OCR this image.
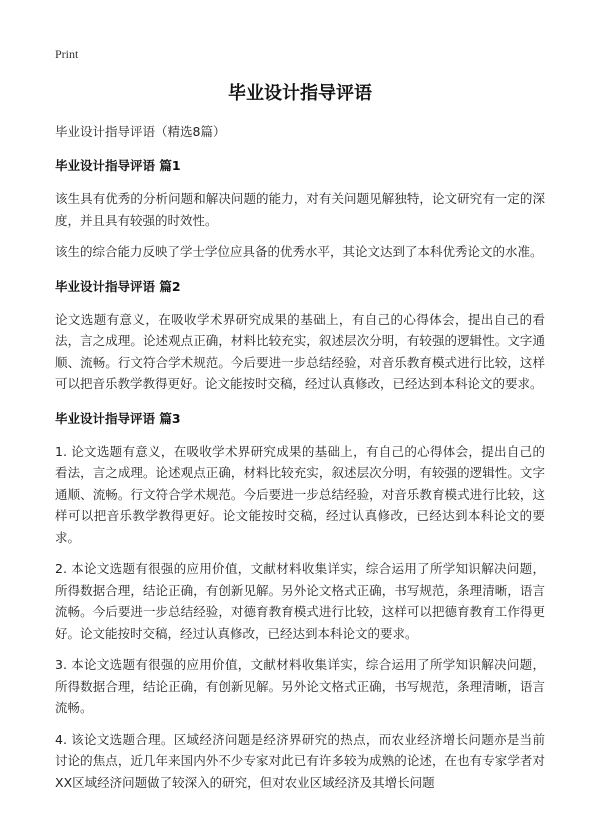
Print
毕业设计指导评语

毕业设计指导评语（精选8篇）

毕业设计指导评语 篇1

该生具有优秀的分析问题和解决问题的能力，对有关问题见解独特，论文研究有一定的深度，并且具有较强的时效性。

该生的综合能力反映了学士学位应具备的优秀水平，其论文达到了本科优秀论文的水准。

毕业设计指导评语 篇2

论文选题有意义，在吸收学术界研究成果的基础上，有自己的心得体会，提出自己的看法，言之成理。论述观点正确，材料比较充实，叙述层次分明，有较强的逻辑性。文字通顺、流畅。行文符合学术规范。今后要进一步总结经验，对音乐教育模式进行比较，这样可以把音乐教学教得更好。论文能按时交稿，经过认真修改，已经达到本科论文的要求。

毕业设计指导评语 篇3

1. 论文选题有意义，在吸收学术界研究成果的基础上，有自己的心得体会，提出自己的看法，言之成理。论述观点正确，材料比较充实，叙述层次分明，有较强的逻辑性。文字通顺、流畅。行文符合学术规范。今后要进一步总结经验，对音乐教育模式进行比较，这样可以把音乐教学教得更好。论文能按时交稿，经过认真修改，已经达到本科论文的要求。

2. 本论文选题有很强的应用价值，文献材料收集详实，综合运用了所学知识解决问题，所得数据合理，结论正确，有创新见解。另外论文格式正确，书写规范，条理清晰，语言流畅。今后要进一步总结经验，对德育教育模式进行比较，这样可以把德育教育工作得更好。论文能按时交稿，经过认真修改，已经达到本科论文的要求。

3. 本论文选题有很强的应用价值，文献材料收集详实，综合运用了所学知识解决问题，所得数据合理，结论正确，有创新见解。另外论文格式正确，书写规范，条理清晰，语言流畅。

4. 该论文选题合理。区域经济问题是经济界研究的热点，而农业经济增长问题亦是当前讨论的焦点，近几年来国内外不少专家对此已有许多较为成熟的论述，在也有专家学者对XX区域经济问题做了较深入的研究，但对农业区域经济及其增长问题
